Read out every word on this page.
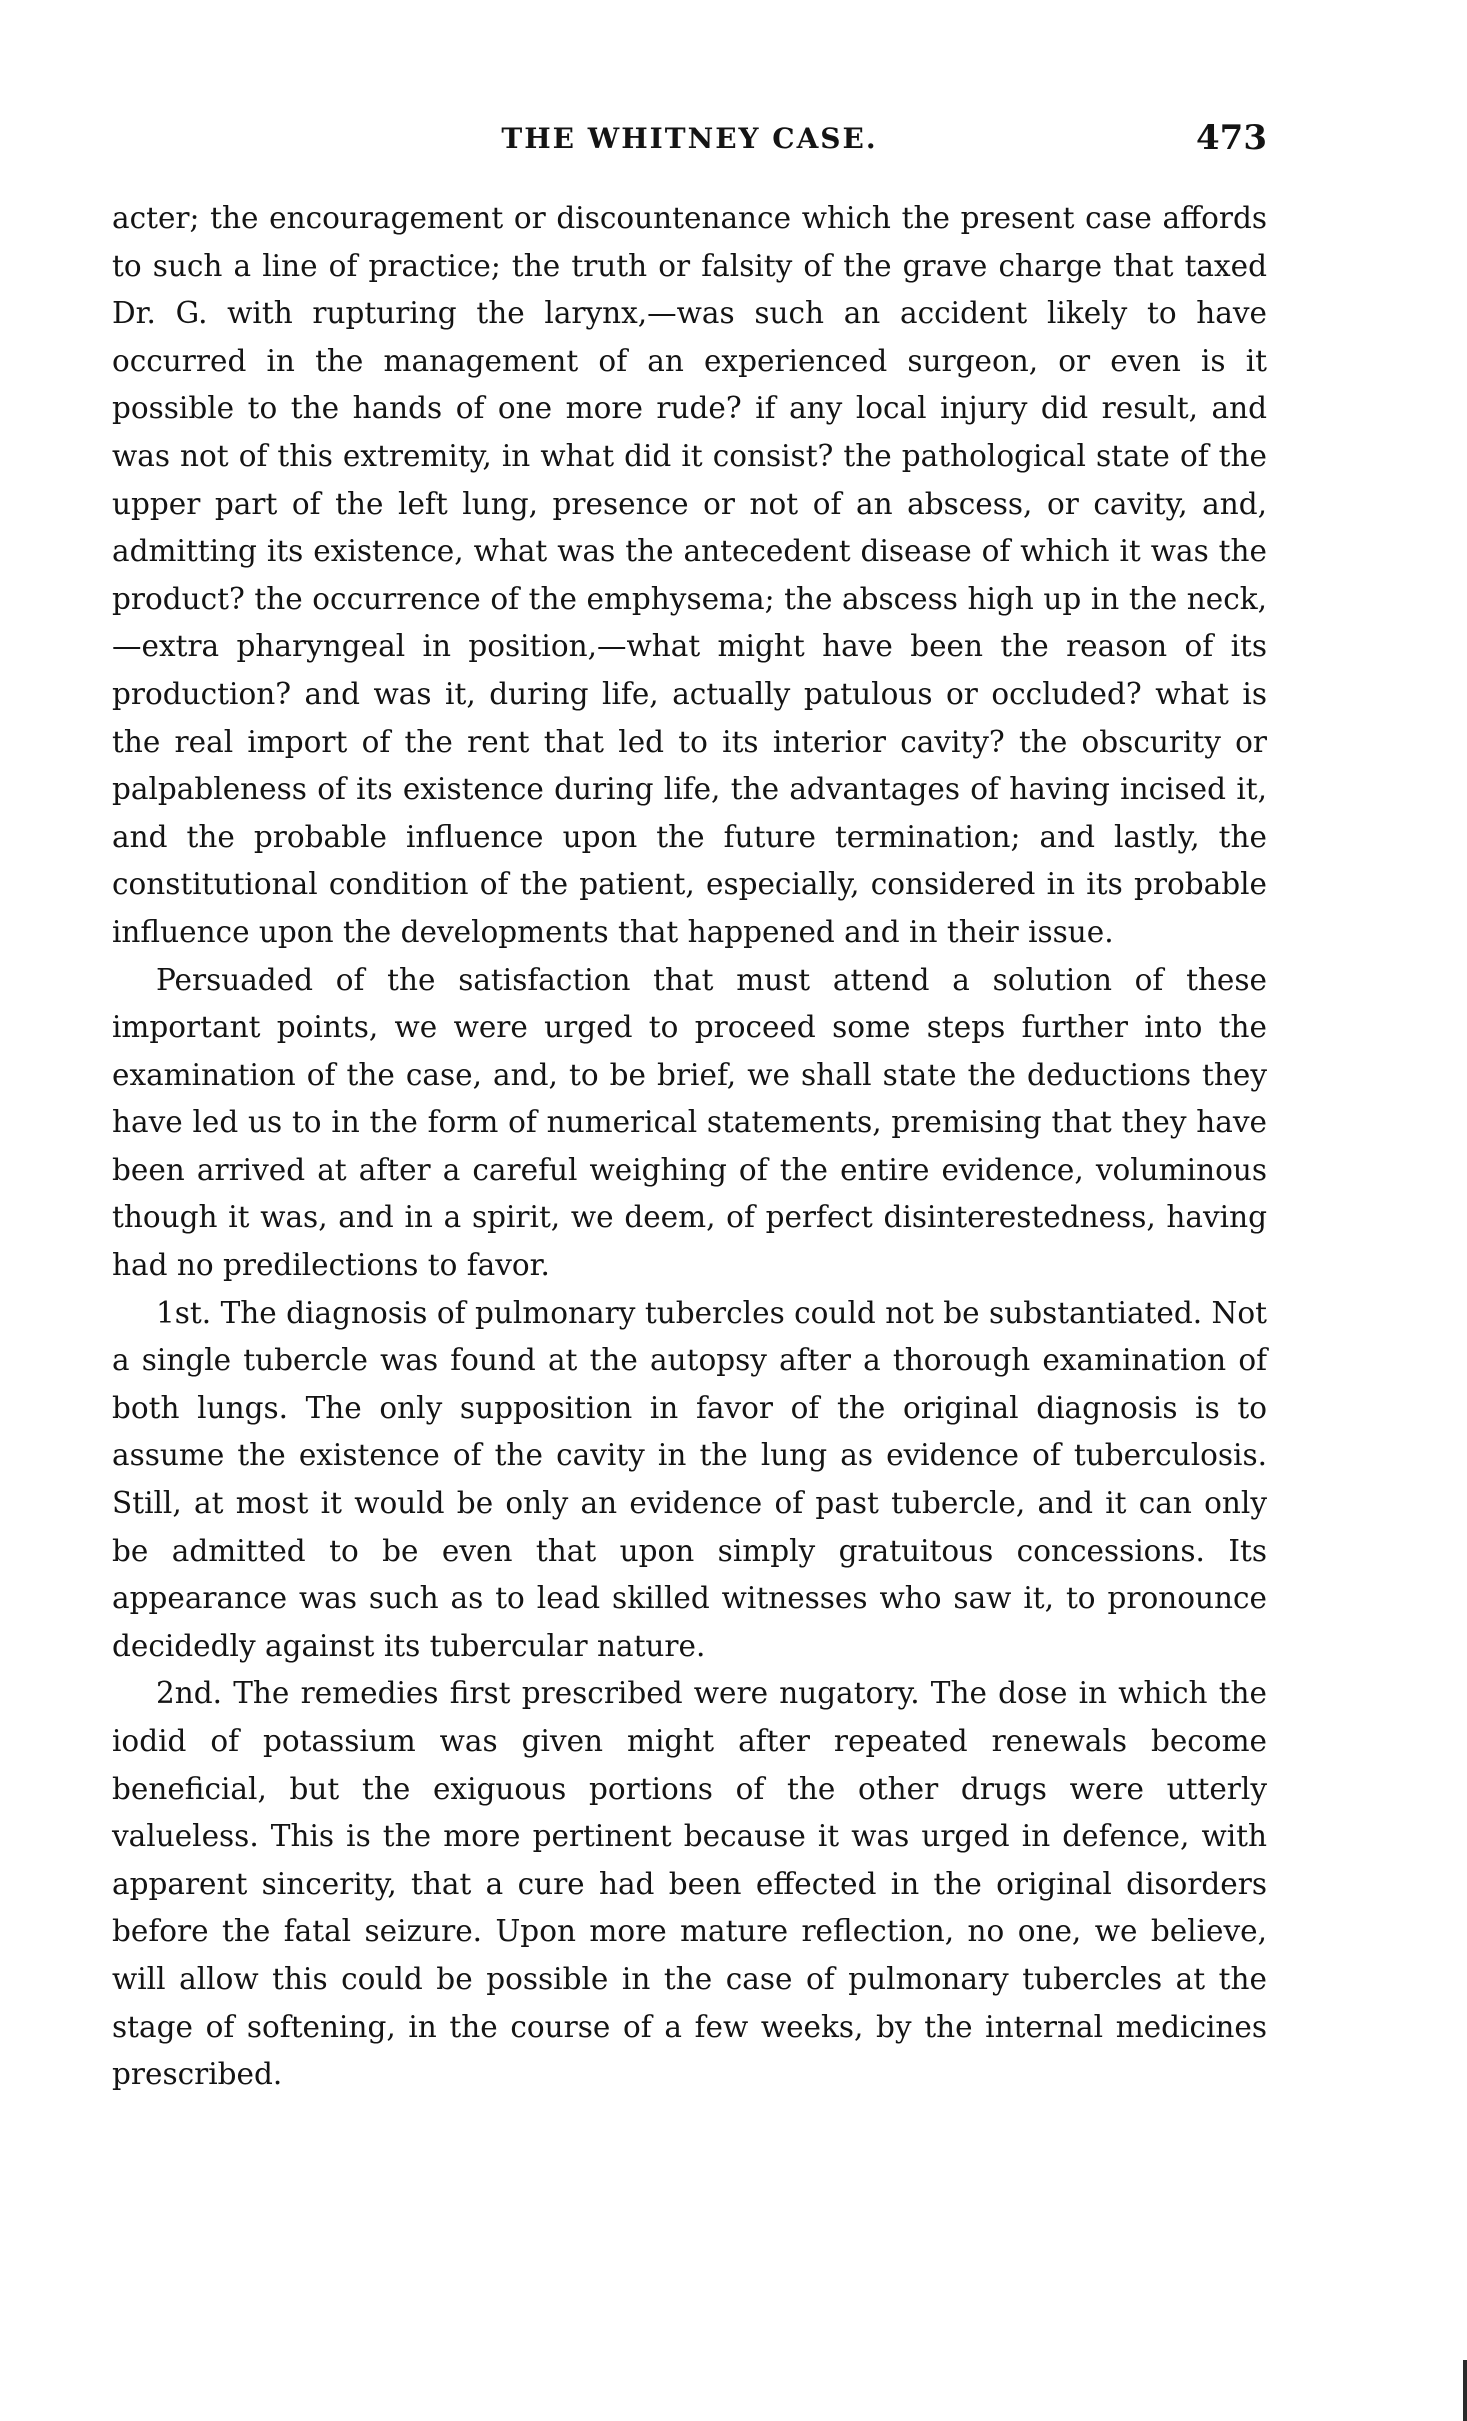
THE WHITNEY CASE.	473

acter; the encouragement or discountenance which the present case affords to such a line of practice; the truth or falsity of the grave charge that taxed Dr. G. with rupturing the larynx,—was such an accident likely to have occurred in the management of an experienced surgeon, or even is it possible to the hands of one more rude? if any local injury did result, and was not of this extremity, in what did it consist? the pathological state of the upper part of the left lung, presence or not of an abscess, or cavity, and, admitting its existence, what was the antecedent disease of which it was the product? the occurrence of the emphysema; the abscess high up in the neck,—extra pharyngeal in position,—what might have been the reason of its production? and was it, during life, actually patulous or occluded? what is the real import of the rent that led to its interior cavity? the obscurity or palpableness of its existence during life, the advantages of having incised it, and the probable influence upon the future termination; and lastly, the constitutional condition of the patient, especially, considered in its probable influence upon the developments that happened and in their issue.

Persuaded of the satisfaction that must attend a solution of these important points, we were urged to proceed some steps further into the examination of the case, and, to be brief, we shall state the deductions they have led us to in the form of numerical statements, premising that they have been arrived at after a careful weighing of the entire evidence, voluminous though it was, and in a spirit, we deem, of perfect disinterestedness, having had no predilections to favor.

1st. The diagnosis of pulmonary tubercles could not be substantiated. Not a single tubercle was found at the autopsy after a thorough examination of both lungs. The only supposition in favor of the original diagnosis is to assume the existence of the cavity in the lung as evidence of tuberculosis. Still, at most it would be only an evidence of past tubercle, and it can only be admitted to be even that upon simply gratuitous concessions. Its appearance was such as to lead skilled witnesses who saw it, to pronounce decidedly against its tubercular nature.

2nd. The remedies first prescribed were nugatory. The dose in which the iodid of potassium was given might after repeated renewals become beneficial, but the exiguous portions of the other drugs were utterly valueless. This is the more pertinent because it was urged in defence, with apparent sincerity, that a cure had been effected in the original disorders before the fatal seizure. Upon more mature reflection, no one, we believe, will allow this could be possible in the case of pulmonary tubercles at the stage of softening, in the course of a few weeks, by the internal medicines prescribed.
